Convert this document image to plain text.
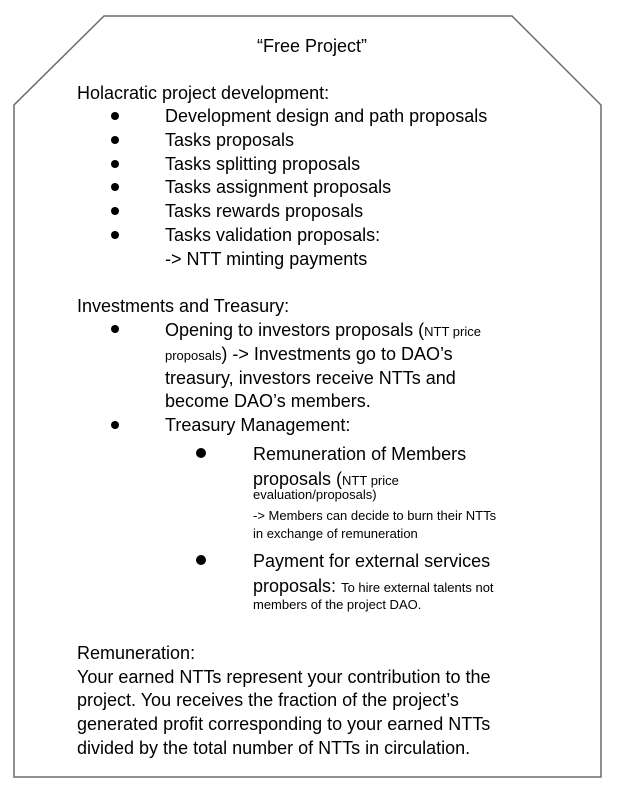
“Free Project”
Holacratic project development:
Development design and path proposals
Tasks proposals
Tasks splitting proposals
Tasks assignment proposals
Tasks rewards proposals
Tasks validation proposals:
-> NTT minting payments
Investments and Treasury:
Opening to investors proposals (NTT price
proposals) -> Investments go to DAO’s
treasury, investors receive NTTs and
become DAO’s members.
Treasury Management:
Remuneration of Members
proposals (NTT price
evaluation/proposals)
-> Members can decide to burn their NTTs
in exchange of remuneration
Payment for external services
proposals: To hire external talents not
members of the project DAO.
Remuneration:
Your earned NTTs represent your contribution to the
project. You receives the fraction of the project’s
generated profit corresponding to your earned NTTs
divided by the total number of NTTs in circulation.
